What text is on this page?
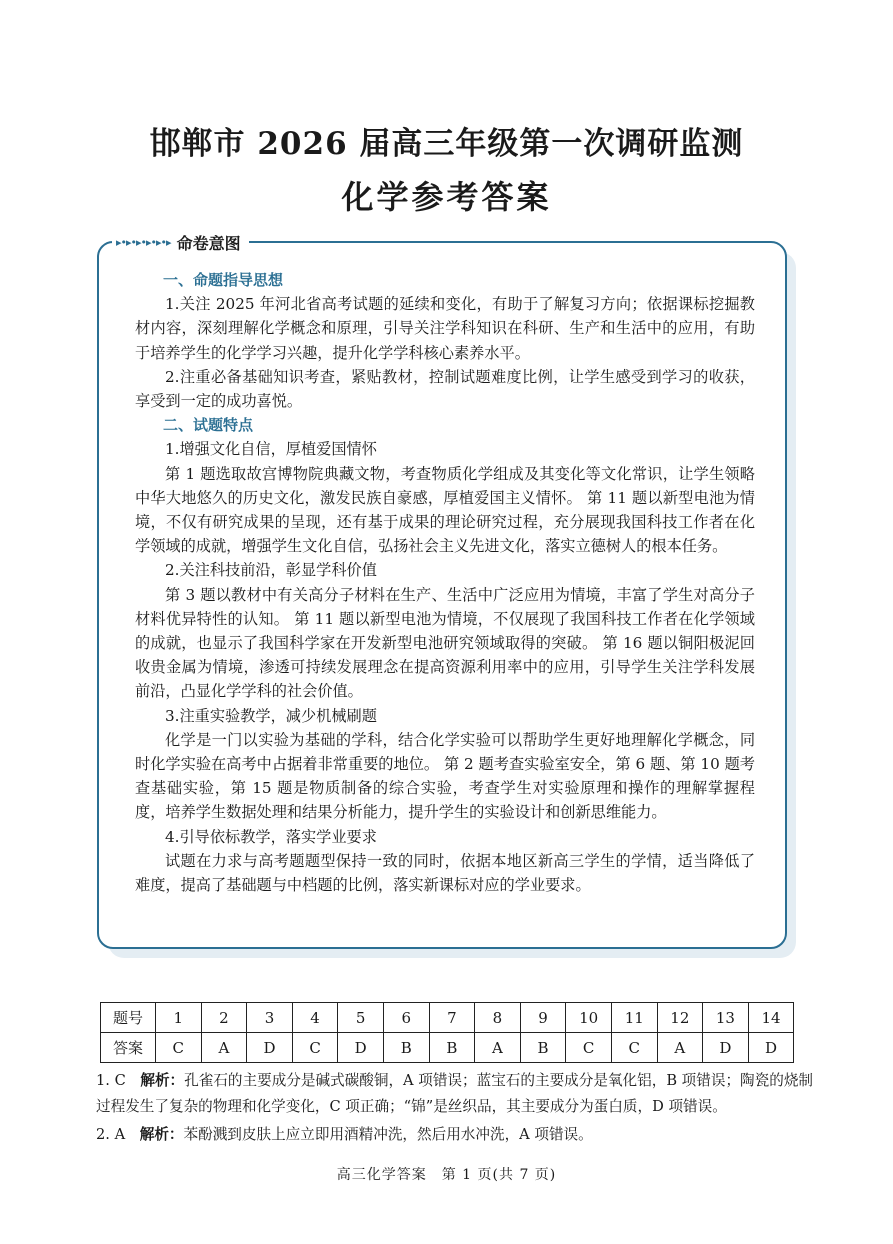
邯郸市 2026 届高三年级第一次调研监测
化学参考答案
▸•▸•▸•▸•▸•▸ 命卷意图

一、命题指导思想

1.关注 2025 年河北省高考试题的延续和变化，有助于了解复习方向；依据课标挖掘教材内容，深刻理解化学概念和原理，引导关注学科知识在科研、生产和生活中的应用，有助于培养学生的化学学习兴趣，提升化学学科核心素养水平。

2.注重必备基础知识考查，紧贴教材，控制试题难度比例，让学生感受到学习的收获，享受到一定的成功喜悦。

二、试题特点

1.增强文化自信，厚植爱国情怀

第 1 题选取故宫博物院典藏文物，考查物质化学组成及其变化等文化常识，让学生领略中华大地悠久的历史文化，激发民族自豪感，厚植爱国主义情怀。 第 11 题以新型电池为情境，不仅有研究成果的呈现，还有基于成果的理论研究过程，充分展现我国科技工作者在化学领域的成就，增强学生文化自信，弘扬社会主义先进文化，落实立德树人的根本任务。

2.关注科技前沿，彰显学科价值

第 3 题以教材中有关高分子材料在生产、生活中广泛应用为情境，丰富了学生对高分子材料优异特性的认知。 第 11 题以新型电池为情境，不仅展现了我国科技工作者在化学领域的成就，也显示了我国科学家在开发新型电池研究领域取得的突破。 第 16 题以铜阳极泥回收贵金属为情境，渗透可持续发展理念在提高资源利用率中的应用，引导学生关注学科发展前沿，凸显化学学科的社会价值。

3.注重实验教学，减少机械刷题

化学是一门以实验为基础的学科，结合化学实验可以帮助学生更好地理解化学概念，同时化学实验在高考中占据着非常重要的地位。 第 2 题考查实验室安全，第 6 题、第 10 题考查基础实验，第 15 题是物质制备的综合实验，考查学生对实验原理和操作的理解掌握程度，培养学生数据处理和结果分析能力，提升学生的实验设计和创新思维能力。

4.引导依标教学，落实学业要求

试题在力求与高考题题型保持一致的同时，依据本地区新高三学生的学情，适当降低了难度，提高了基础题与中档题的比例，落实新课标对应的学业要求。

题号	1	2	3	4	5	6	7	8	9	10	11	12	13	14
答案	C	A	D	C	D	B	B	A	B	C	C	A	D	D
1. C　 解析：孔雀石的主要成分是碱式碳酸铜，A 项错误；蓝宝石的主要成分是氧化铝，B 项错误；陶瓷的烧制过程发生了复杂的物理和化学变化，C 项正确；“锦”是丝织品，其主要成分为蛋白质，D 项错误。
2. A　 解析：苯酚溅到皮肤上应立即用酒精冲洗，然后用水冲洗，A 项错误。
高三化学答案　第 1 页(共 7 页)
